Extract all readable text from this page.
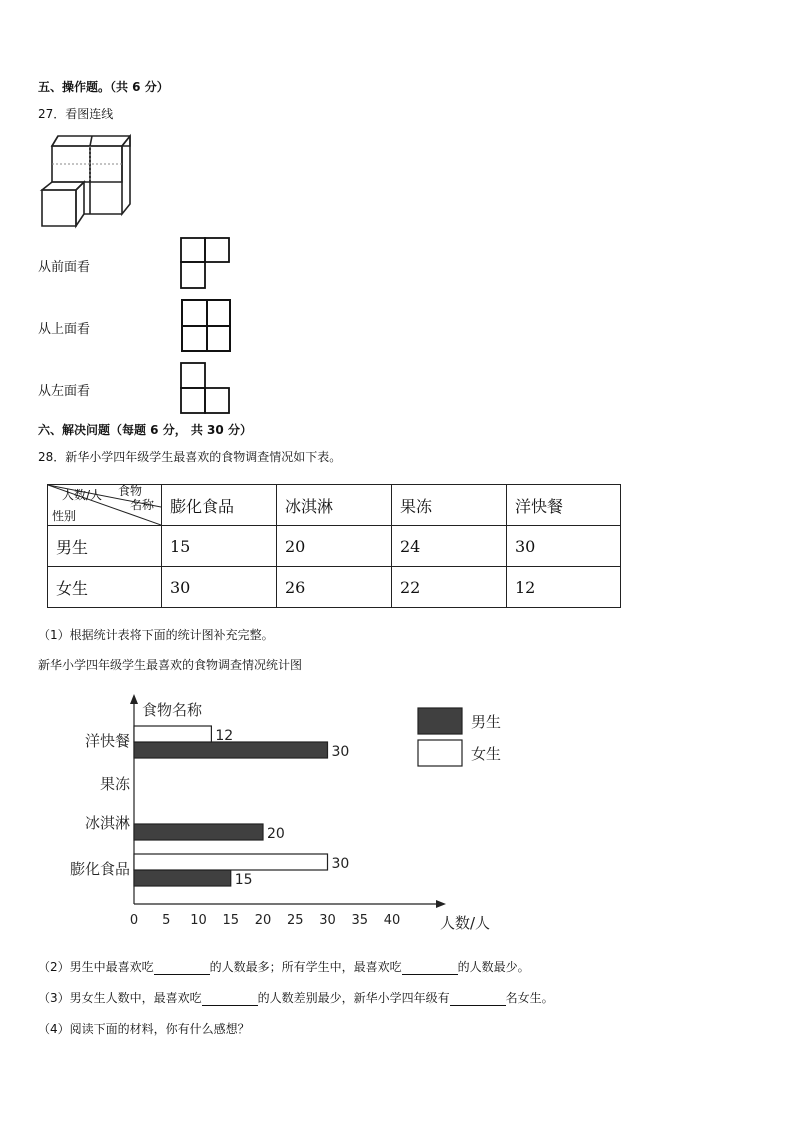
五、操作题。（共 6 分）
27．看图连线
从前面看
从上面看
从左面看
六、解决问题（每题 6 分， 共 30 分）
28．新华小学四年级学生最喜欢的食物调查情况如下表。
食物
名称
人数/人
性别	膨化食品	冰淇淋	果冻	洋快餐
男生	15	20	24	30
女生	30	26	22	12
（1）根据统计表将下面的统计图补充完整。
新华小学四年级学生最喜欢的食物调查情况统计图
食物名称
人数/人
0 5 10 15 20 25 30 35 40
膨化食品
冰淇淋
果冻
洋快餐
15
20
30
30
12
男生
女生
（2）男生中最喜欢吃	的人数最多；所有学生中，最喜欢吃	的人数最少。
（3）男女生人数中，最喜欢吃	的人数差别最少，新华小学四年级有	名女生。
（4）阅读下面的材料，你有什么感想？
